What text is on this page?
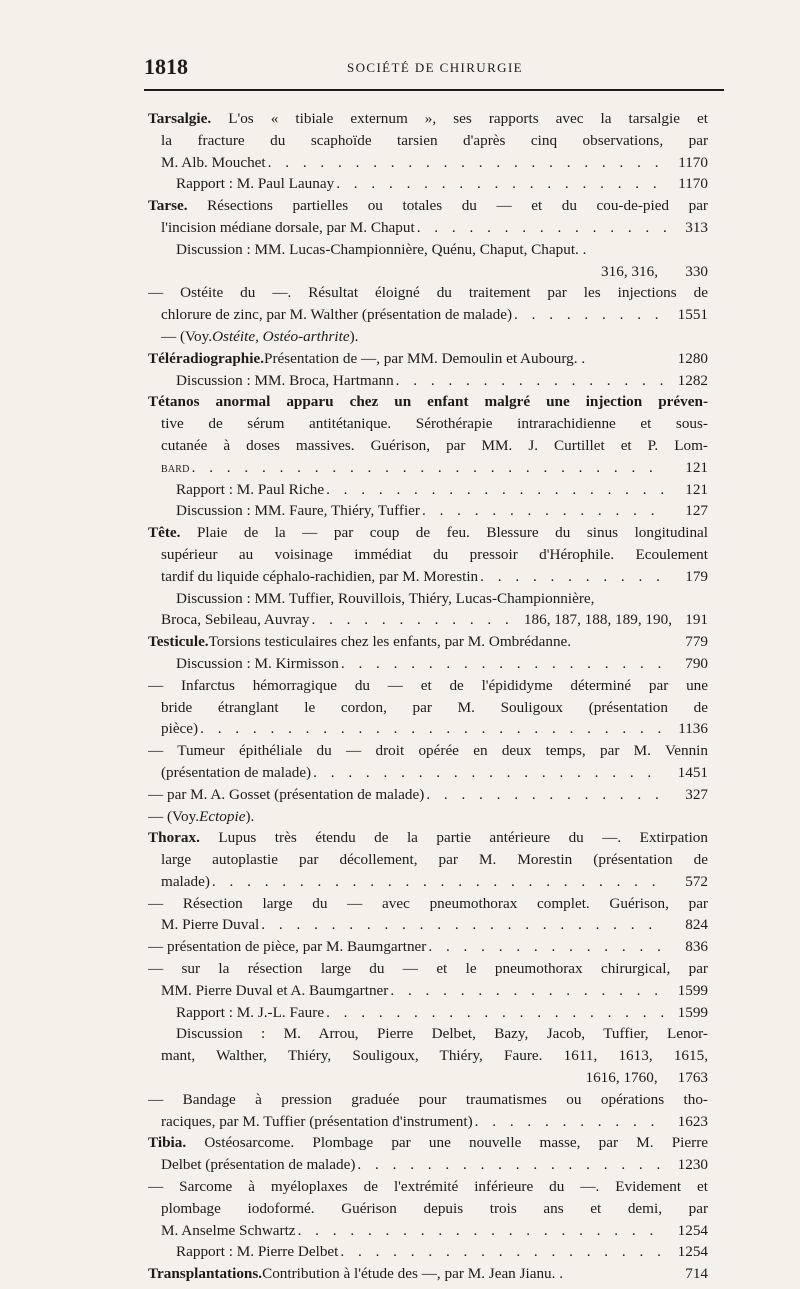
1818	SOCIÉTÉ DE CHIRURGIE
Tarsalgie. L'os « tibiale externum », ses rapports avec la tarsalgie et
la fracture du scaphoïde tarsien d'après cinq observations, par
M. Alb. Mouchet . . .	1170
Rapport : M. Paul Launay . . .	1170
Tarse. Résections partielles ou totales du — et du cou-de-pied par
l'incision médiane dorsale, par M. Chaput . . .	313
Discussion : MM. Lucas-Championnière, Quénu, Chaput, Chaput. .
316, 316,	330
— Ostéite du —. Résultat éloigné du traitement par les injections de
chlorure de zinc, par M. Walther (présentation de malade) . . .	1551
— (Voy. Ostéite, Ostéo-arthrite ).
Téléradiographie. Présentation de —, par MM. Demoulin et Aubourg. .	1280
Discussion : MM. Broca, Hartmann . . .	1282
Tétanos anormal apparu chez un enfant malgré une injection préven-
tive de sérum antitétanique. Sérothérapie intrarachidienne et sous-
cutanée à doses massives. Guérison, par MM. J. Curtillet et P. Lom-
bard . . .	121
Rapport : M. Paul Riche . . .	121
Discussion : MM. Faure, Thiéry, Tuffier . . .	127
Tête. Plaie de la — par coup de feu. Blessure du sinus longitudinal
supérieur au voisinage immédiat du pressoir d'Hérophile. Ecoulement
tardif du liquide céphalo-rachidien, par M. Morestin . . .	179
Discussion : MM. Tuffier, Rouvillois, Thiéry, Lucas-Championnière,
Broca, Sebileau, Auvray . . .	186, 187, 188, 189, 190, 191
Testicule. Torsions testiculaires chez les enfants, par M. Ombrédanne.	779
Discussion : M. Kirmisson . . .	790
— Infarctus hémorragique du — et de l'épididyme déterminé par une
bride étranglant le cordon, par M. Souligoux (présentation de
pièce) . . .	1136
— Tumeur épithéliale du — droit opérée en deux temps, par M. Vennin
(présentation de malade) . . .	1451
— par M. A. Gosset (présentation de malade) . . .	327
— (Voy. Ectopie ).
Thorax. Lupus très étendu de la partie antérieure du —. Extirpation
large autoplastie par décollement, par M. Morestin (présentation de
malade) . . .	572
— Résection large du — avec pneumothorax complet. Guérison, par
M. Pierre Duval . . .	824
— présentation de pièce, par M. Baumgartner . . .	836
— sur la résection large du — et le pneumothorax chirurgical, par
MM. Pierre Duval et A. Baumgartner . . .	1599
Rapport : M. J.-L. Faure . . .	1599
Discussion : M. Arrou, Pierre Delbet, Bazy, Jacob, Tuffier, Lenor-
mant, Walther, Thiéry, Souligoux, Thiéry, Faure. 1611, 1613, 1615,
1616, 1760, 1763
— Bandage à pression graduée pour traumatismes ou opérations tho-
raciques, par M. Tuffier (présentation d'instrument) . . .	1623
Tibia. Ostéosarcome. Plombage par une nouvelle masse, par M. Pierre
Delbet (présentation de malade) . . .	1230
— Sarcome à myéloplaxes de l'extrémité inférieure du —. Evidement et
plombage iodoformé. Guérison depuis trois ans et demi, par
M. Anselme Schwartz . . .	1254
Rapport : M. Pierre Delbet . . .	1254
Transplantations. Contribution à l'étude des —, par M. Jean Jianu. .	714
